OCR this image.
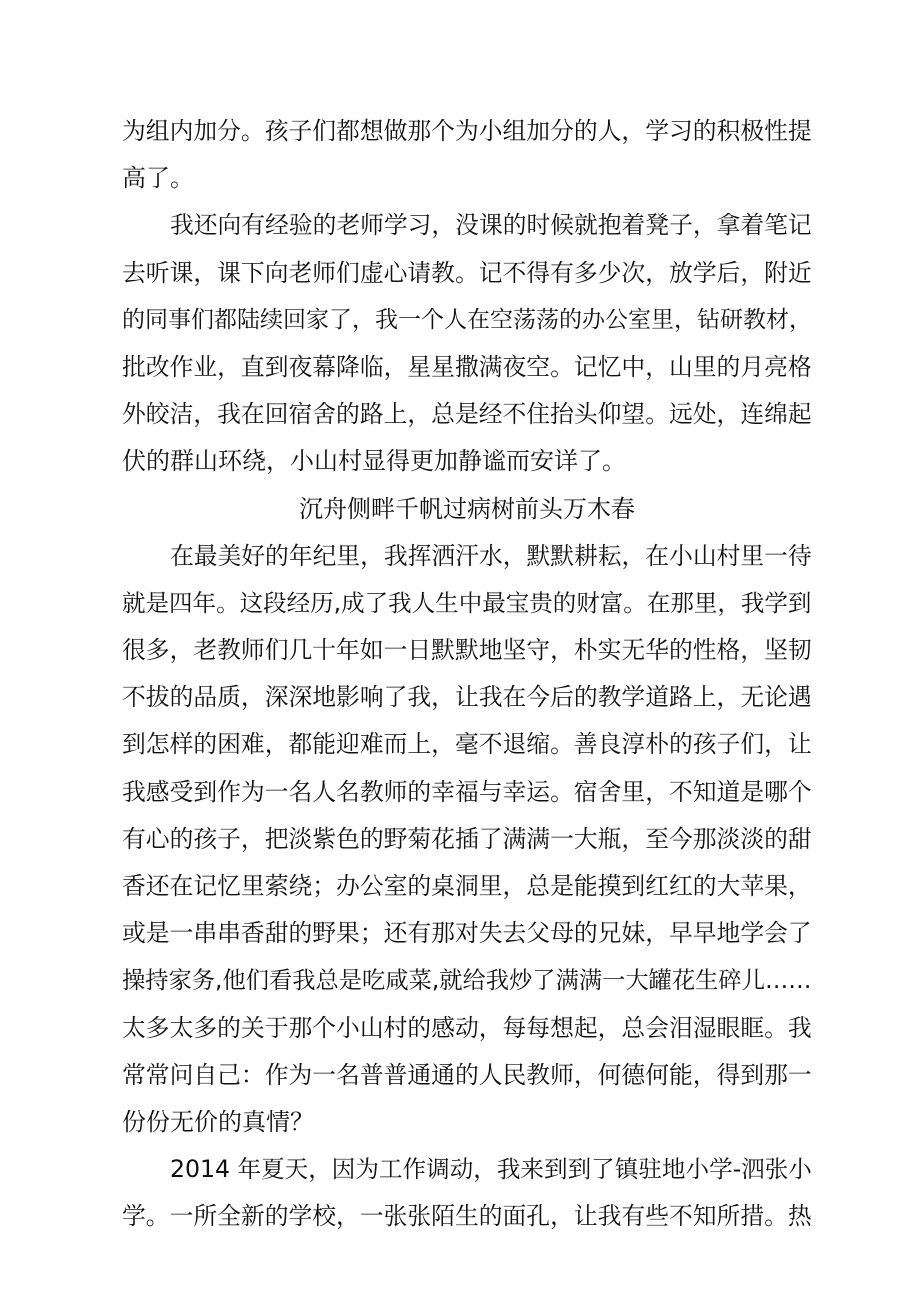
为组内加分。孩子们都想做那个为小组加分的人，学习的积极性提
高了。
我还向有经验的老师学习，没课的时候就抱着凳子，拿着笔记
去听课，课下向老师们虚心请教。记不得有多少次，放学后，附近
的同事们都陆续回家了，我一个人在空荡荡的办公室里，钻研教材，
批改作业，直到夜幕降临，星星撒满夜空。记忆中，山里的月亮格
外皎洁，我在回宿舍的路上，总是经不住抬头仰望。远处，连绵起
伏的群山环绕，小山村显得更加静谧而安详了。
沉舟侧畔千帆过病树前头万木春
在最美好的年纪里，我挥洒汗水，默默耕耘，在小山村里一待
就是四年。这段经历,成了我人生中最宝贵的财富。在那里，我学到
很多，老教师们几十年如一日默默地坚守，朴实无华的性格，坚韧
不拔的品质，深深地影响了我，让我在今后的教学道路上，无论遇
到怎样的困难，都能迎难而上，毫不退缩。善良淳朴的孩子们，让
我感受到作为一名人名教师的幸福与幸运。宿舍里，不知道是哪个
有心的孩子，把淡紫色的野菊花插了满满一大瓶，至今那淡淡的甜
香还在记忆里萦绕；办公室的桌洞里，总是能摸到红红的大苹果，
或是一串串香甜的野果；还有那对失去父母的兄妹，早早地学会了
操持家务,他们看我总是吃咸菜,就给我炒了满满一大罐花生碎儿……
太多太多的关于那个小山村的感动，每每想起，总会泪湿眼眶。我
常常问自己：作为一名普普通通的人民教师，何德何能，得到那一
份份无价的真情？
2014 年夏天，因为工作调动，我来到到了镇驻地小学-泗张小
学。一所全新的学校，一张张陌生的面孔，让我有些不知所措。热
